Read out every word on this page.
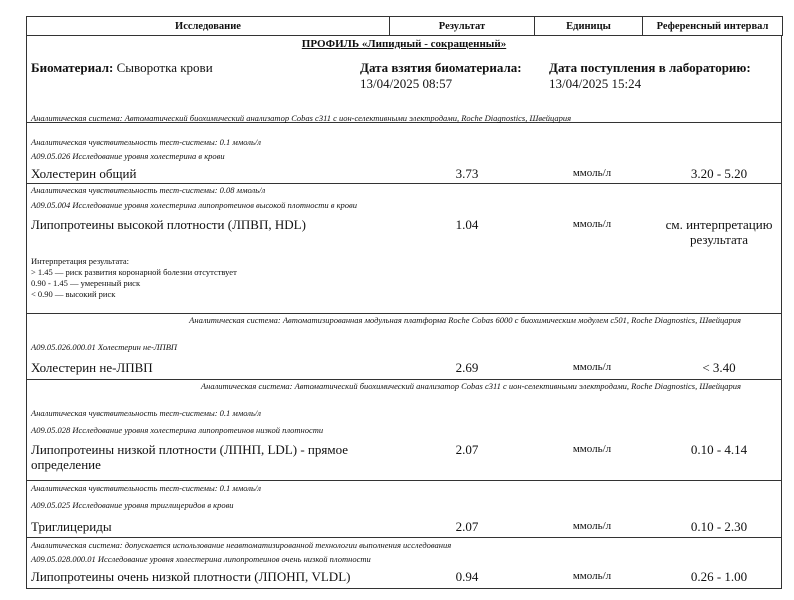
Исследование	Результат	Единицы	Референсный интервал
ПРОФИЛЬ «Липидный - сокращенный»
Биоматериал: Сыворотка крови	Дата взятия биоматериала:
13/04/2025 08:57
Дата поступления в лабораторию:
13/04/2025 15:24
Аналитическая система: Автоматический биохимический анализатор Cobas c311 с ион-селективными электродами, Roche Diagnostics, Швейцария
Аналитическая чувствительность тест-системы: 0.1 ммоль/л
A09.05.026 Исследование уровня холестерина в крови
Холестерин общий	3.73	ммоль/л	3.20 - 5.20
Аналитическая чувствительность тест-системы: 0.08 ммоль/л
A09.05.004 Исследование уровня холестерина липопротеинов высокой плотности в крови
Липопротеины высокой плотности (ЛПВП, HDL)	1.04	ммоль/л	см. интерпретацию результата
Интерпретация результата:
> 1.45 — риск развития коронарной болезни отсутствует
0.90 - 1.45 — умеренный риск
< 0.90 — высокий риск
Аналитическая система: Автоматизированная модульная платформа Roche Cobas 6000 с биохимическим модулем c501, Roche Diagnostics, Швейцария
A09.05.026.000.01 Холестерин не-ЛПВП
Холестерин не-ЛПВП	2.69	ммоль/л	< 3.40
Аналитическая система: Автоматический биохимический анализатор Cobas c311 с ион-селективными электродами, Roche Diagnostics, Швейцария
Аналитическая чувствительность тест-системы: 0.1 ммоль/л
A09.05.028 Исследование уровня холестерина липопротеинов низкой плотности
Липопротеины низкой плотности (ЛПНП, LDL) - прямое определение
2.07	ммоль/л	0.10 - 4.14
Аналитическая чувствительность тест-системы: 0.1 ммоль/л
A09.05.025 Исследование уровня триглицеридов в крови
Триглицериды	2.07	ммоль/л	0.10 - 2.30
Аналитическая система: допускается использование неавтоматизированной технологии выполнения исследования
A09.05.028.000.01 Исследование уровня холестерина липопротеинов очень низкой плотности
Липопротеины очень низкой плотности (ЛПОНП, VLDL)	0.94	ммоль/л	0.26 - 1.00
